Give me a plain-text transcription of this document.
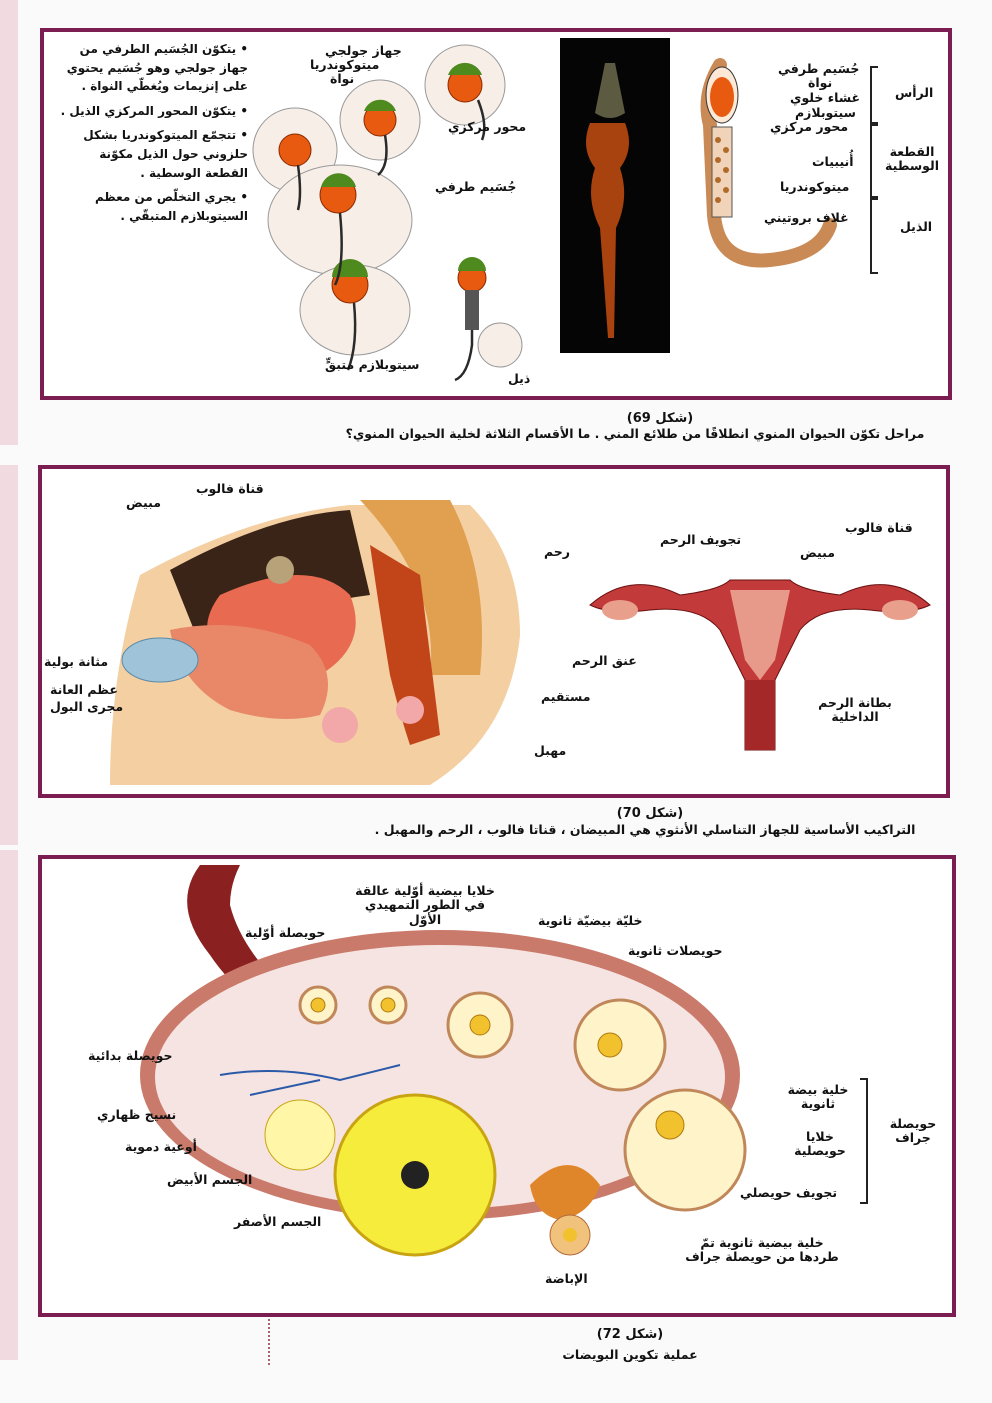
• يتكوّن الجُسَيم الطرفي من جهاز جولجي وهو جُسَيم يحتوي على إنزيمات ويُغطّي النواة .
• يتكوّن المحور المركزي الذيل .
• تتجمّع الميتوكوندريا بشكل حلزوني حول الذيل مكوّنة القطعة الوسطية .
• يجري التخلّص من معظم السيتوبلازم المتبقّي .
جهاز جولجي
ميتوكوندريا
نواة
محور مركزي
جُسَيم طرفي
سيتوبلازم متبقٍّ
ذيل
جُسَيم طرفي
نواة
غشاء خلوي
سيتوبلازم
محور مركزي
أُنيبيات
ميتوكوندريا
غلاف بروتيني
الرأس
القطعة الوسطية
الذيل
(شكل 69)
مراحل تكوّن الحيوان المنوي انطلاقًا من طلائع المني . ما الأقسام الثلاثة لخلية الحيوان المنوي؟
قناة فالوب
مبيض
مثانة بولية
عظم العانة
مجرى البول
رحم
عنق الرحم
مستقيم
مهبل
تجويف الرحم
قناة فالوب
مبيض
بطانة الرحم الداخلية
(شكل 70)
التراكيب الأساسية للجهاز التناسلي الأنثوي هي المبيضان ، قناتا فالوب ، الرحم والمهبل .
خلايا بيضية أوّلية عالقة في الطور التمهيدي الأوّل
حويصلة أوّلية
خليّة بيضيّة ثانوية
حويصلات ثانوية
حويصلة بدائية
نسيج ظهاري
أوعية دموية
الجسم الأبيض
الجسم الأصفر
خلية بيضة ثانوية
خلايا حويصلية
تجويف حويصلي
حويصلة جراف
خلية بيضية ثانوية تمّ طردها من حويصلة جراف
الإباضة
(شكل 72)
عملية تكوين البويضات
